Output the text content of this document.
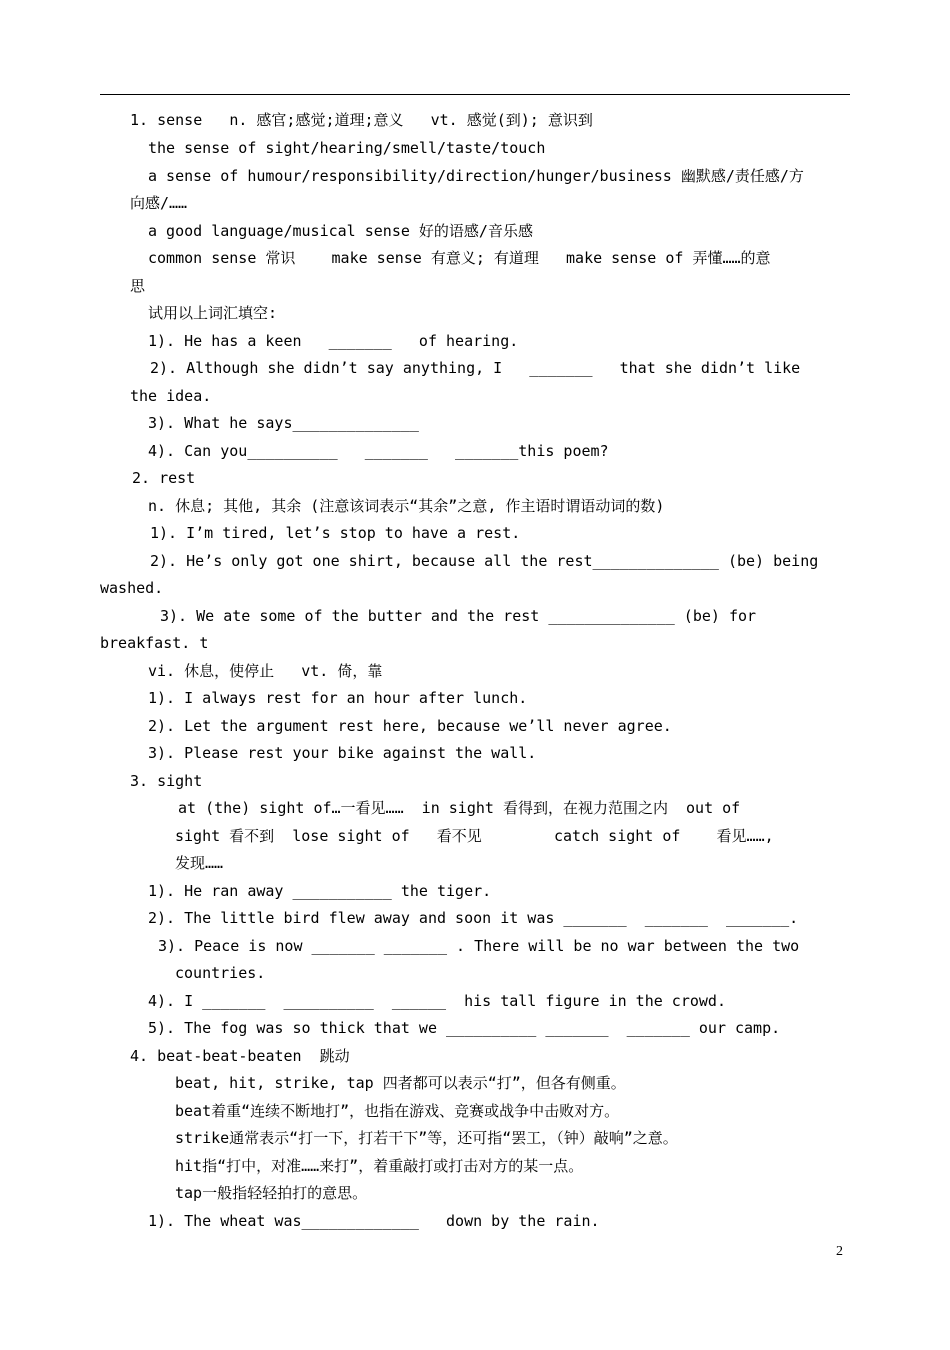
1. sense   n. 感官;感觉;道理;意义   vt. 感觉(到); 意识到
the sense of sight/hearing/smell/taste/touch
a sense of humour/responsibility/direction/hunger/business 幽默感/责任感/方
向感/……
a good language/musical sense 好的语感/音乐感
common sense 常识    make sense 有意义; 有道理   make sense of 弄懂……的意
思
试用以上词汇填空:
1). He has a keen   _______   of hearing.
2). Although she didn’t say anything, I   _______   that she didn’t like
the idea.
3). What he says______________
4). Can you__________   _______   _______this poem?
2. rest
n. 休息; 其他, 其余 (注意该词表示“其余”之意, 作主语时谓语动词的数)
1). I’m tired, let’s stop to have a rest.
2). He’s only got one shirt, because all the rest______________ (be) being
washed.
3). We ate some of the butter and the rest ______________ (be) for
breakfast. t
vi. 休息，使停止   vt. 倚，靠
1). I always rest for an hour after lunch.
2). Let the argument rest here, because we’ll never agree.
3). Please rest your bike against the wall.
3. sight
at (the) sight of…一看见……  in sight 看得到，在视力范围之内  out of
sight 看不到  lose sight of   看不见        catch sight of    看见……,
发现……
1). He ran away ___________ the tiger.
2). The little bird flew away and soon it was _______  _______  _______.
3). Peace is now _______ _______ . There will be no war between the two
countries.
4). I _______  __________  ______  his tall figure in the crowd.
5). The fog was so thick that we __________ _______  _______ our camp.
4. beat-beat-beaten  跳动
beat, hit, strike, tap 四者都可以表示“打”，但各有侧重。
beat着重“连续不断地打”，也指在游戏、竞赛或战争中击败对方。
strike通常表示“打一下，打若干下”等，还可指“罢工，（钟）敲响”之意。
hit指“打中，对准……来打”，着重敲打或打击对方的某一点。
tap一般指轻轻拍打的意思。
1). The wheat was_____________   down by the rain.
2
